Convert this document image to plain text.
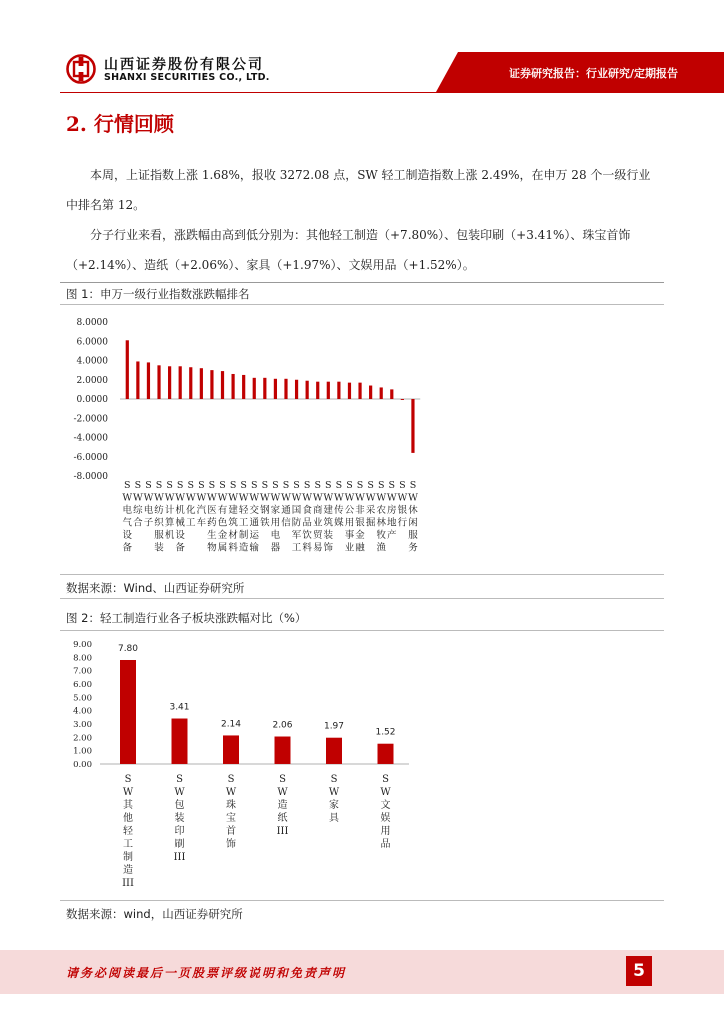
山西证券股份有限公司
SHANXI SECURITIES CO., LTD.	证券研究报告：行业研究/定期报告
2. 行情回顾
本周，上证指数上涨 1.68%，报收 3272.08 点，SW 轻工制造指数上涨 2.49%，在申万 28 个一级行业中排名第 12。
分子行业来看，涨跌幅由高到低分别为：其他轻工制造（+7.80%）、包装印刷（+3.41%）、珠宝首饰（+2.14%）、造纸（+2.06%）、家具（+1.97%）、文娱用品（+1.52%）。
图 1：申万一级行业指数涨跌幅排名
8.0000
6.0000
4.0000
2.0000
0.0000
-2.0000
-4.0000
-6.0000
-8.0000
S W 电气设备
S W 综合
S W 电子
S W 纺织服装
S W 计算机
S W 机械设备
S W 化工
S W 汽车
S W 医药生物
S W 有色金属
S W 建筑材料
S W 轻工制造
S W 交通运输
S W 钢铁
S W 家用电器
S W 通信
S W 国防军工
S W 食品饮料
S W 商业贸易
S W 建筑装饰
S W 传媒
S W 公用事业
S W 非银金融
S W 采掘
S W 农林牧渔
S W 房地产
S W 银行
S W 休闲服务
数据来源：Wind、山西证券研究所
图 2：轻工制造行业各子板块涨跌幅对比（%）
9.00
8.00
7.00
6.00
5.00
4.00
3.00
2.00
1.00
0.00
7.80
S W 其他轻工制造 III
3.41
S W 包装印刷 III
2.14
S W 珠宝首饰
2.06
S W 造纸 III
1.97
S W 家具
1.52
S W 文娱用品
数据来源：wind，山西证券研究所
请务必阅读最后一页股票评级说明和免责声明	5
